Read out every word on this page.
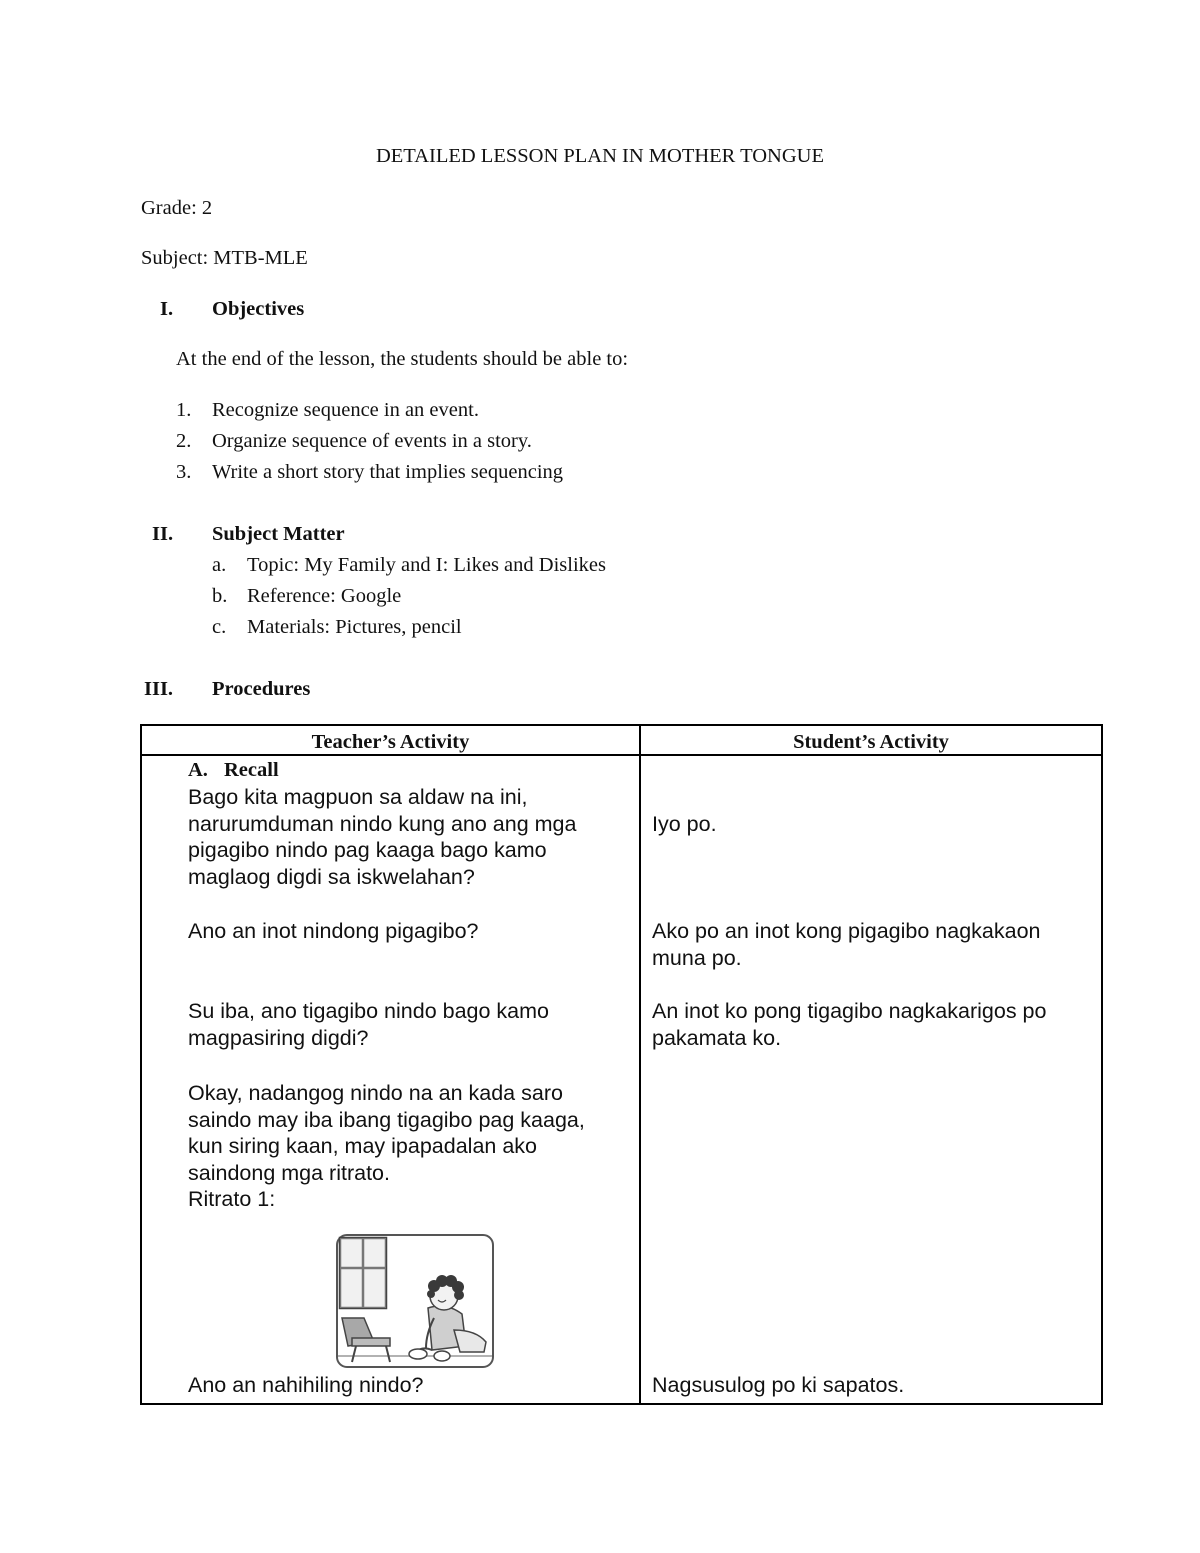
DETAILED LESSON PLAN IN MOTHER TONGUE
Grade: 2
Subject: MTB-MLE
I. Objectives
At the end of the lesson, the students should be able to:
1. Recognize sequence in an event.
2. Organize sequence of events in a story.
3. Write a short story that implies sequencing
II. Subject Matter
a. Topic: My Family and I: Likes and Dislikes
b. Reference: Google
c. Materials: Pictures, pencil
III. Procedures
Teacher’s Activity	Student’s Activity
A. Recall
Bago kita magpuon sa aldaw na ini,
narurumduman nindo kung ano ang mga
pigagibo nindo pag kaaga bago kamo
maglaog digdi sa iskwelahan?
Ano an inot nindong pigagibo?
Su iba, ano tigagibo nindo bago kamo
magpasiring digdi?
Okay, nadangog nindo na an kada saro
saindo may iba ibang tigagibo pag kaaga,
kun siring kaan, may ipapadalan ako
saindong mga ritrato.
Ritrato 1:
Ano an nahihiling nindo?
Iyo po.
Ako po an inot kong pigagibo nagkakaon
muna po.
An inot ko pong tigagibo nagkakarigos po
pakamata ko.
Nagsusulog po ki sapatos.
